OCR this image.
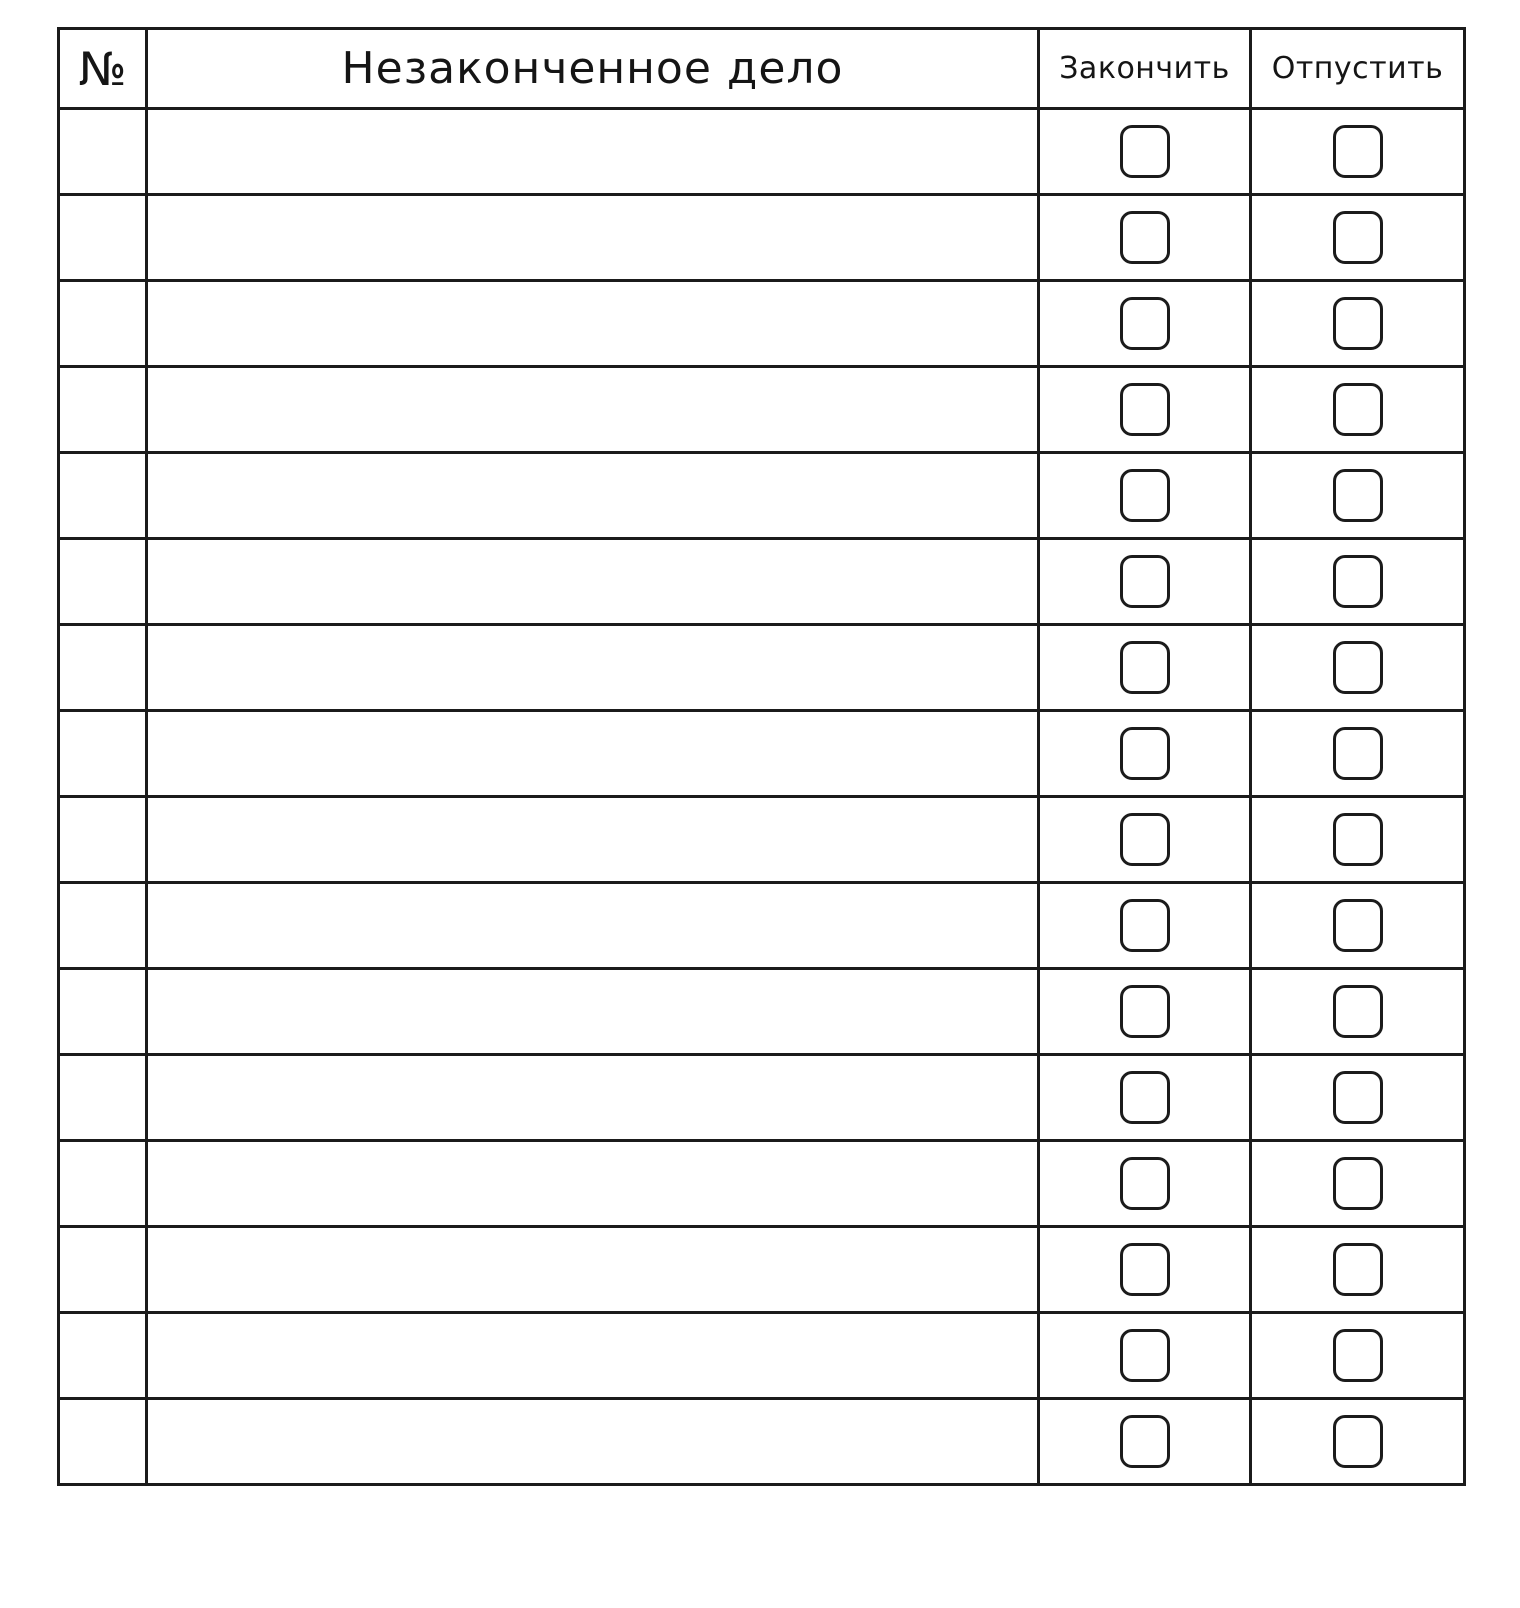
№	Незаконченное дело	Закончить	Отпустить
